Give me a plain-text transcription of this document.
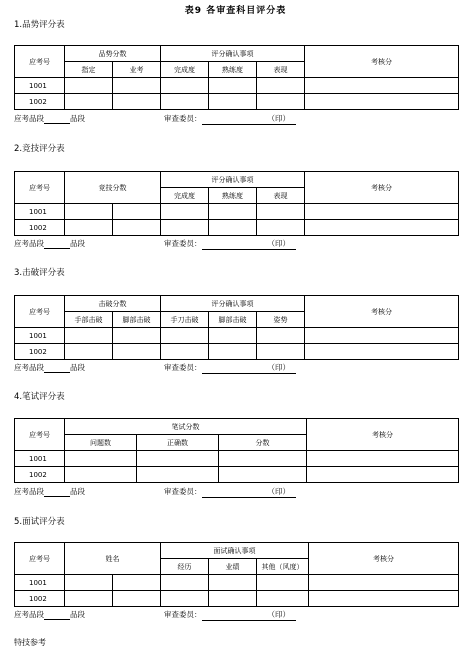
表9 各审查科目评分表
1.品势评分表
应考号	品势分数		评分确认事项			考核分
	指定	业考	完成度	熟练度	表现	
1001						
1002						
应考品段	品段	审查委员：	（印）
2.竞技评分表
应考号	竞技分数		评分确认事项			考核分
			完成度	熟练度	表现	
1001						
1002						
应考品段	品段	审查委员：	（印）
3.击破评分表
应考号	击破分数		评分确认事项			考核分
	手部击破	脚部击破	手刀击破	脚部击破	姿势	
1001						
1002						
应考品段	品段	审查委员：	（印）
4.笔试评分表
应考号	笔试分数			考核分
	问题数	正确数	分数	
1001				
1002				
应考品段	品段	审查委员：	（印）
5.面试评分表
应考号	姓名		面试确认事项			考核分
			经历	业绩	其他（风度）	
1001						
1002						
应考品段	品段	审查委员：	（印）
特技参考
